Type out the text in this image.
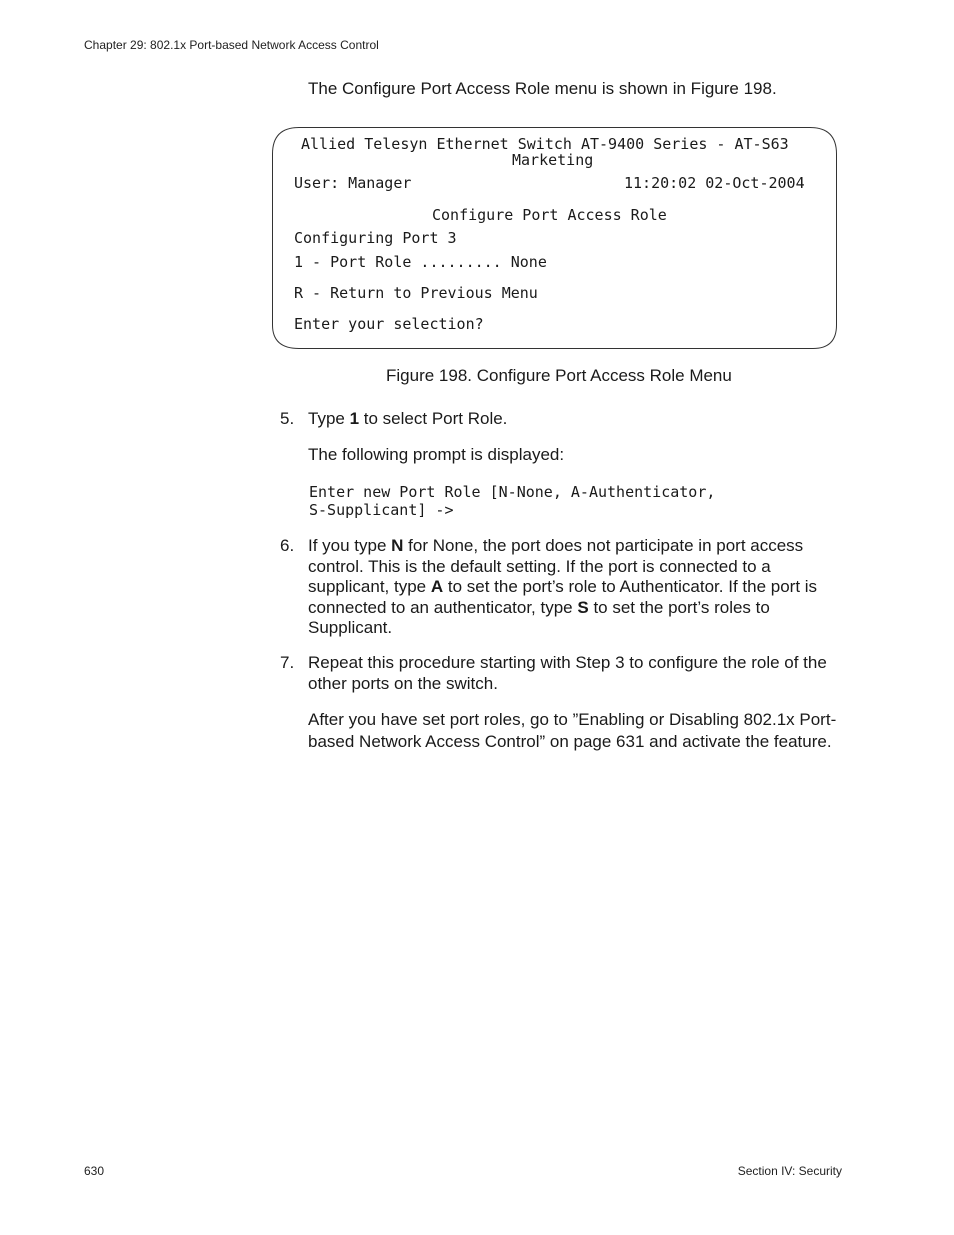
Chapter 29: 802.1x Port-based Network Access Control
The Configure Port Access Role menu is shown in Figure 198.
Allied Telesyn Ethernet Switch AT-9400 Series - AT-S63
Marketing
User: Manager	11:20:02 02-Oct-2004
Configure Port Access Role
Configuring Port 3
1 - Port Role ......... None
R - Return to Previous Menu
Enter your selection?
Figure 198. Configure Port Access Role Menu
5. Type 1 to select Port Role.
The following prompt is displayed:
Enter new Port Role [N-None, A-Authenticator,
S-Supplicant] ->
6. If you type N for None, the port does not participate in port access control. This is the default setting. If the port is connected to a supplicant, type A to set the port’s role to Authenticator. If the port is connected to an authenticator, type S to set the port’s roles to Supplicant.
7. Repeat this procedure starting with Step 3 to configure the role of the other ports on the switch.
After you have set port roles, go to ”Enabling or Disabling 802.1x Port-based Network Access Control” on page 631 and activate the feature.
630	Section IV: Security
